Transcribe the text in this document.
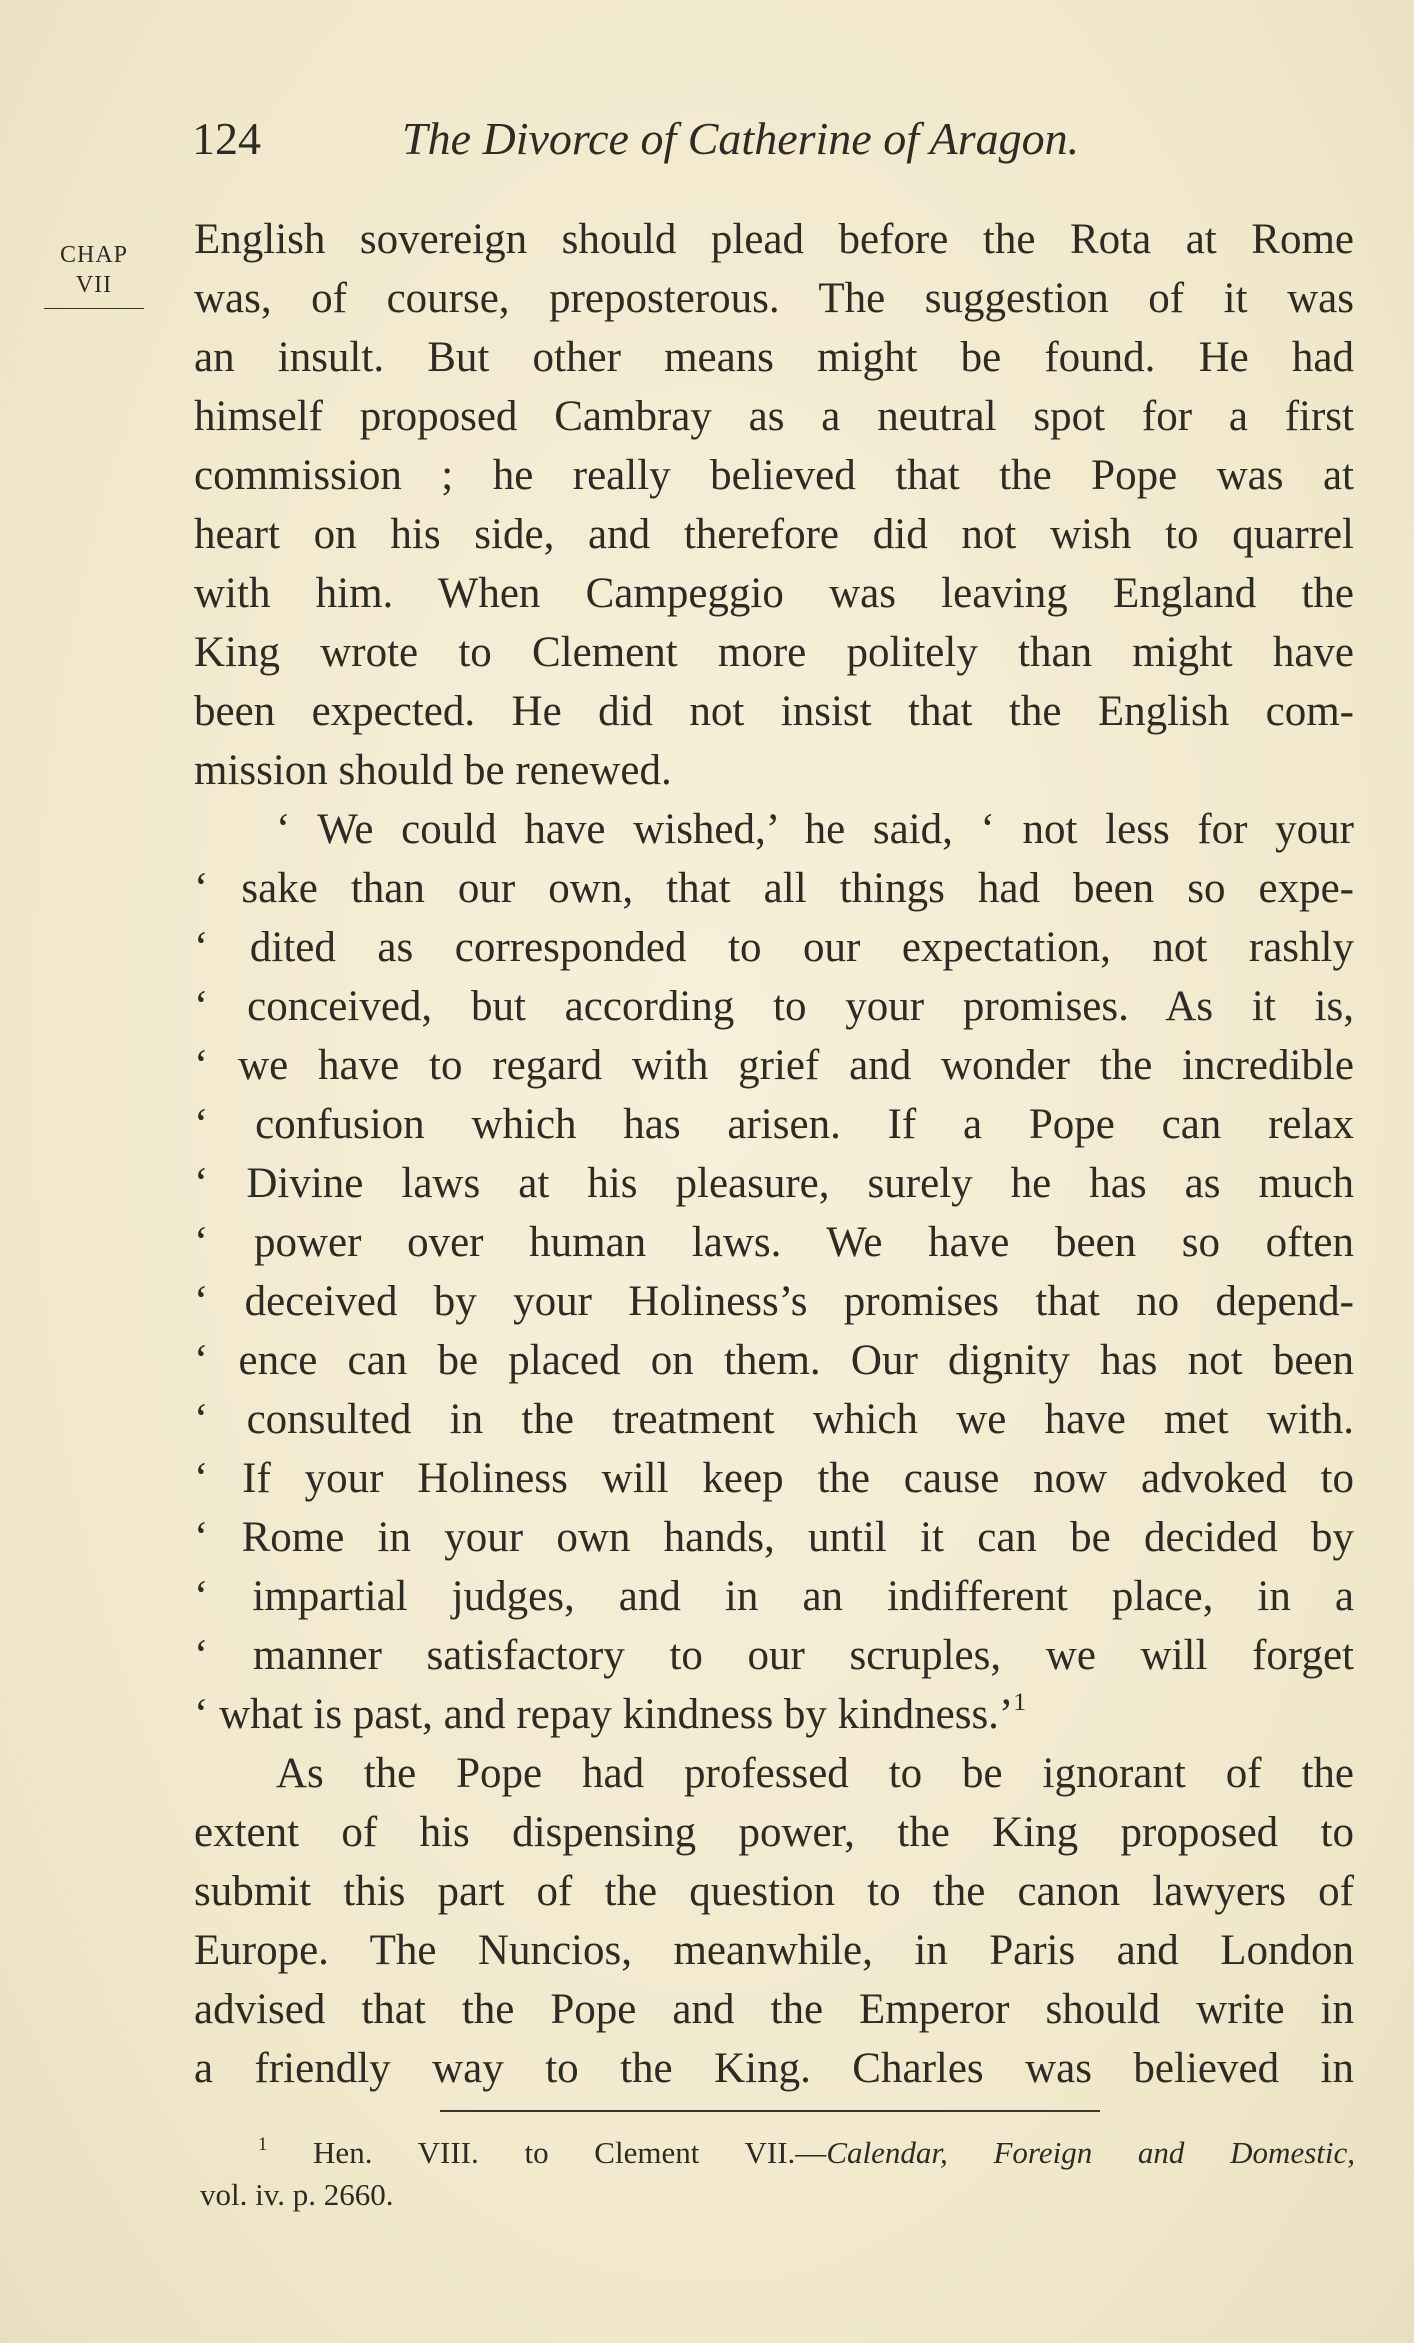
124	The Divorce of Catherine of Aragon.
CHAP
VII
English sovereign should plead before the Rota at Rome
was, of course, preposterous. The suggestion of it was
an insult. But other means might be found. He had
himself proposed Cambray as a neutral spot for a first
commission ; he really believed that the Pope was at
heart on his side, and therefore did not wish to quarrel
with him. When Campeggio was leaving England the
King wrote to Clement more politely than might have
been expected. He did not insist that the English com-
mission should be renewed.
‘ We could have wished,’ he said, ‘ not less for your
‘ sake than our own, that all things had been so expe-
‘ dited as corresponded to our expectation, not rashly
‘ conceived, but according to your promises. As it is,
‘ we have to regard with grief and wonder the incredible
‘ confusion which has arisen. If a Pope can relax
‘ Divine laws at his pleasure, surely he has as much
‘ power over human laws. We have been so often
‘ deceived by your Holiness’s promises that no depend-
‘ ence can be placed on them. Our dignity has not been
‘ consulted in the treatment which we have met with.
‘ If your Holiness will keep the cause now advoked to
‘ Rome in your own hands, until it can be decided by
‘ impartial judges, and in an indifferent place, in a
‘ manner satisfactory to our scruples, we will forget
‘ what is past, and repay kindness by kindness.’$^1$
As the Pope had professed to be ignorant of the
extent of his dispensing power, the King proposed to
submit this part of the question to the canon lawyers of
Europe. The Nuncios, meanwhile, in Paris and London
advised that the Pope and the Emperor should write in
a friendly way to the King. Charles was believed in
$^1$ Hen. VIII. to Clement VII.—Calendar, Foreign and Domestic,
vol. iv. p. 2660.
